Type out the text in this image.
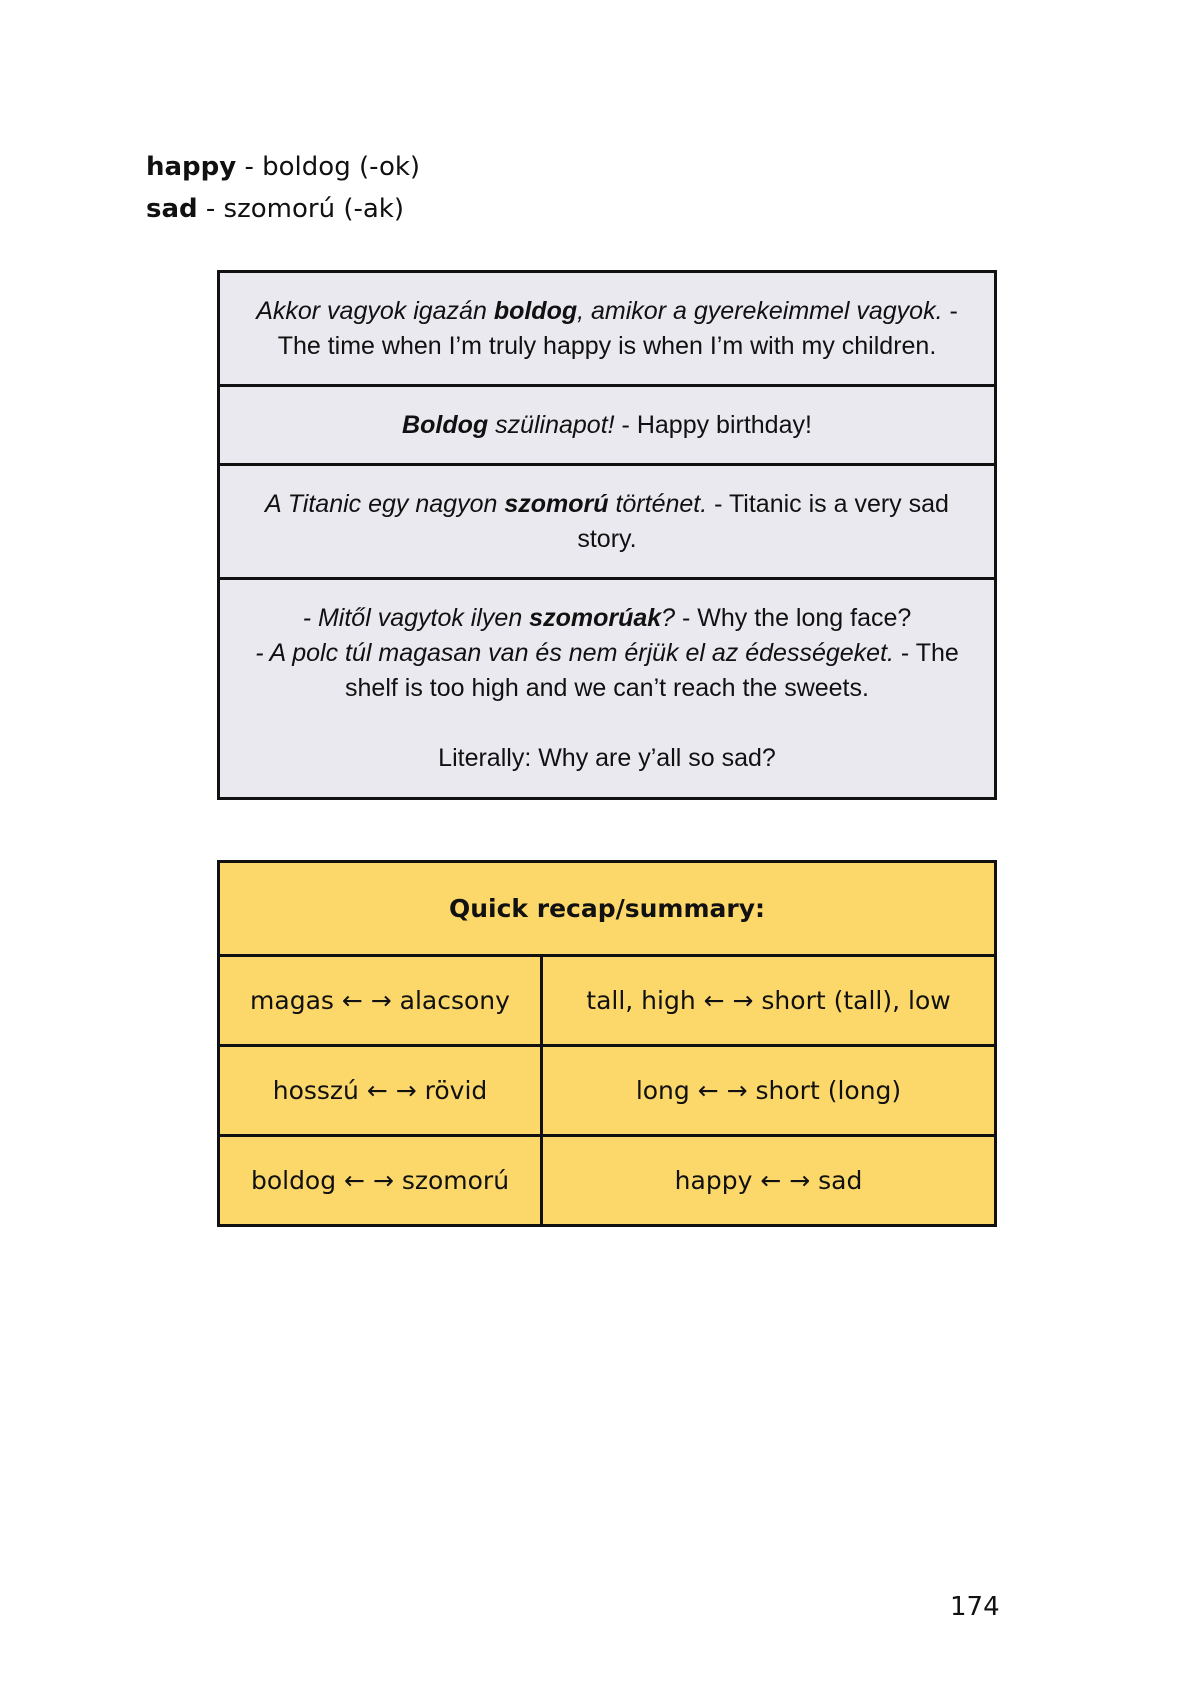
happy - boldog (-ok)
sad - szomorú (-ak)
Akkor vagyok igazán boldog, amikor a gyerekeimmel vagyok. - The time when I’m truly happy is when I’m with my children.
Boldog szülinapot! - Happy birthday!
A Titanic egy nagyon szomorú történet. - Titanic is a very sad story.

- Mitől vagytok ilyen szomorúak? - Why the long face?
- A polc túl magasan van és nem érjük el az édességeket. - The shelf is too high and we can’t reach the sweets.
Literally: Why are y’all so sad?
Quick recap/summary:	
magas ← → alacsony	tall, high ← → short (tall), low
hosszú ← → rövid	long ← → short (long)
boldog ← → szomorú	happy ← → sad
174
